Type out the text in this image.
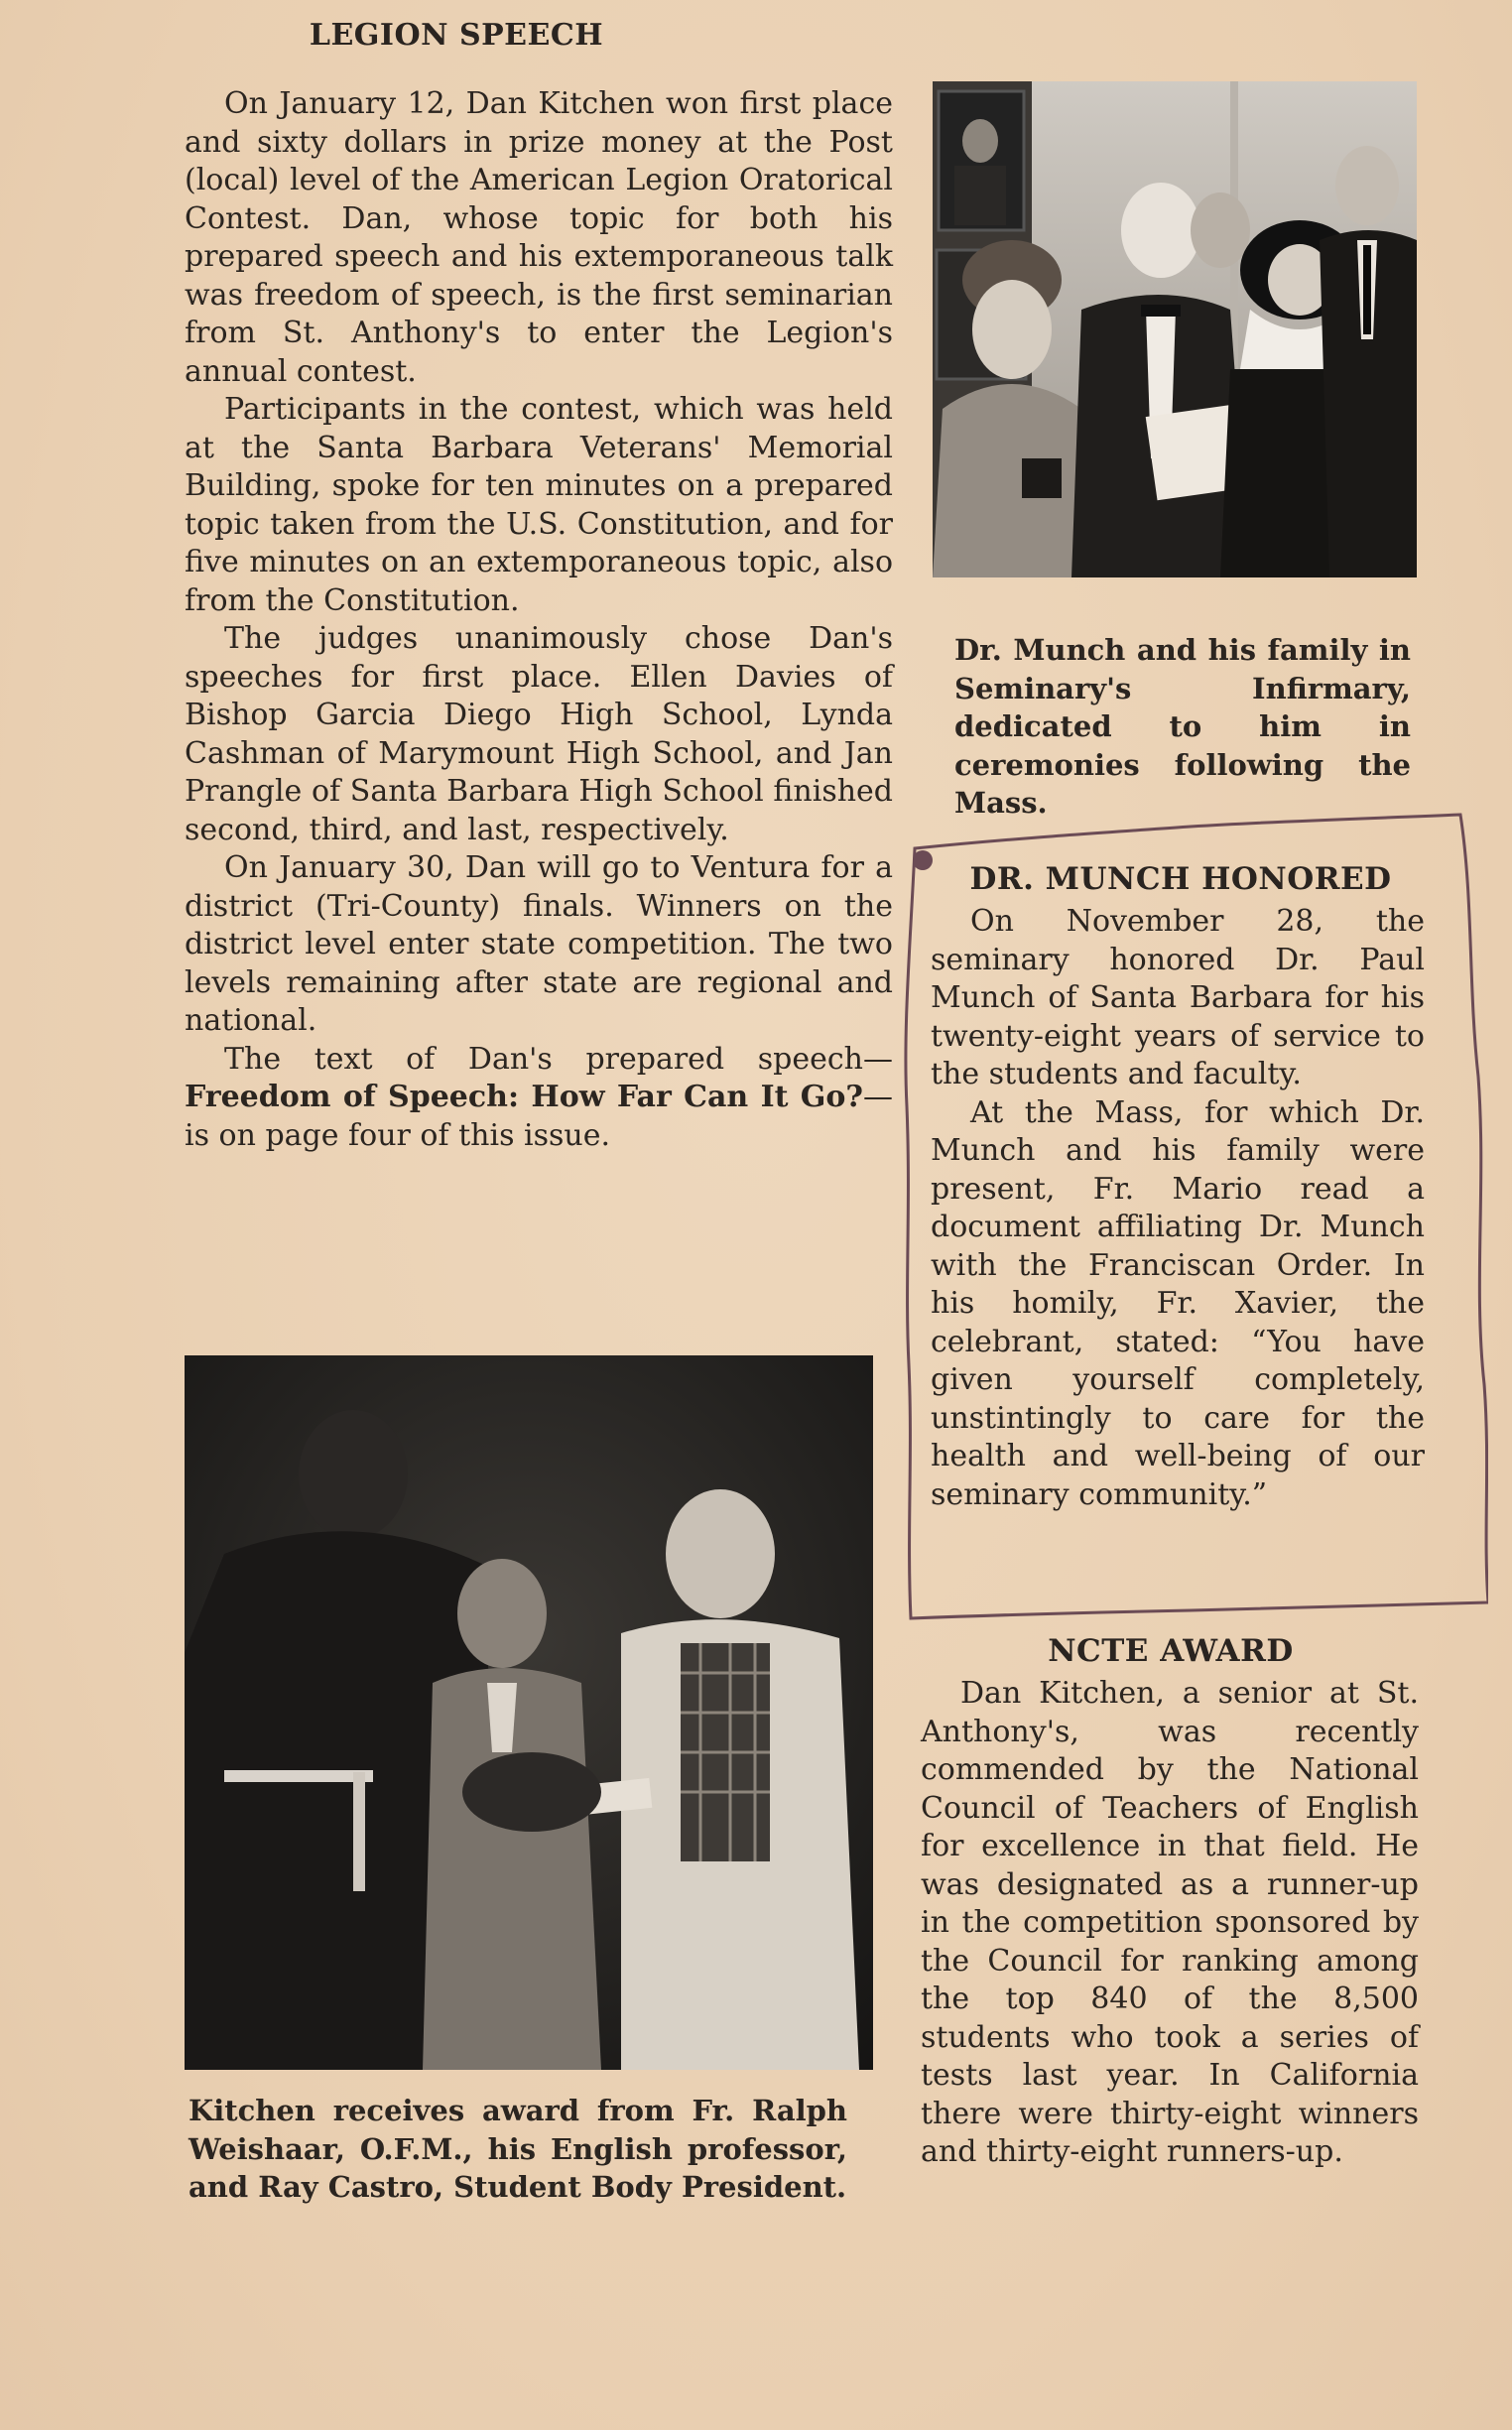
LEGION SPEECH

On January 12, Dan Kitchen won first place and sixty dollars in prize money at the Post (local) level of the American Legion Oratorical Contest. Dan, whose topic for both his prepared speech and his extemporaneous talk was freedom of speech, is the first seminarian from St. Anthony's to enter the Legion's annual contest.

Participants in the contest, which was held at the Santa Barbara Veterans' Memorial Building, spoke for ten minutes on a prepared topic taken from the U.S. Constitution, and for five minutes on an extemporaneous topic, also from the Constitution.

The judges unanimously chose Dan's speeches for first place. Ellen Davies of Bishop Garcia Diego High School, Lynda Cashman of Marymount High School, and Jan Prangle of Santa Barbara High School finished second, third, and last, respectively.

On January 30, Dan will go to Ventura for a district (Tri-County) finals. Winners on the district level enter state competition. The two levels remaining after state are regional and national.

The text of Dan's prepared speech—Freedom of Speech: How Far Can It Go?—is on page four of this issue.

Dr. Munch and his family in Seminary's Infirmary, dedicated to him in ceremonies following the Mass.

DR. MUNCH HONORED

On November 28, the seminary honored Dr. Paul Munch of Santa Barbara for his twenty-eight years of service to the students and faculty.

At the Mass, for which Dr. Munch and his family were present, Fr. Mario read a document affiliating Dr. Munch with the Franciscan Order. In his homily, Fr. Xavier, the celebrant, stated: “You have given yourself completely, unstintingly to care for the health and well-being of our seminary community.”

NCTE AWARD

Dan Kitchen, a senior at St. Anthony's, was recently commended by the National Council of Teachers of English for excellence in that field. He was designated as a runner-up in the competition sponsored by the Council for ranking among the top 840 of the 8,500 students who took a series of tests last year. In California there were thirty-eight winners and thirty-eight runners-up.

Kitchen receives award from Fr. Ralph Weishaar, O.F.M., his English professor, and Ray Castro, Student Body President.
